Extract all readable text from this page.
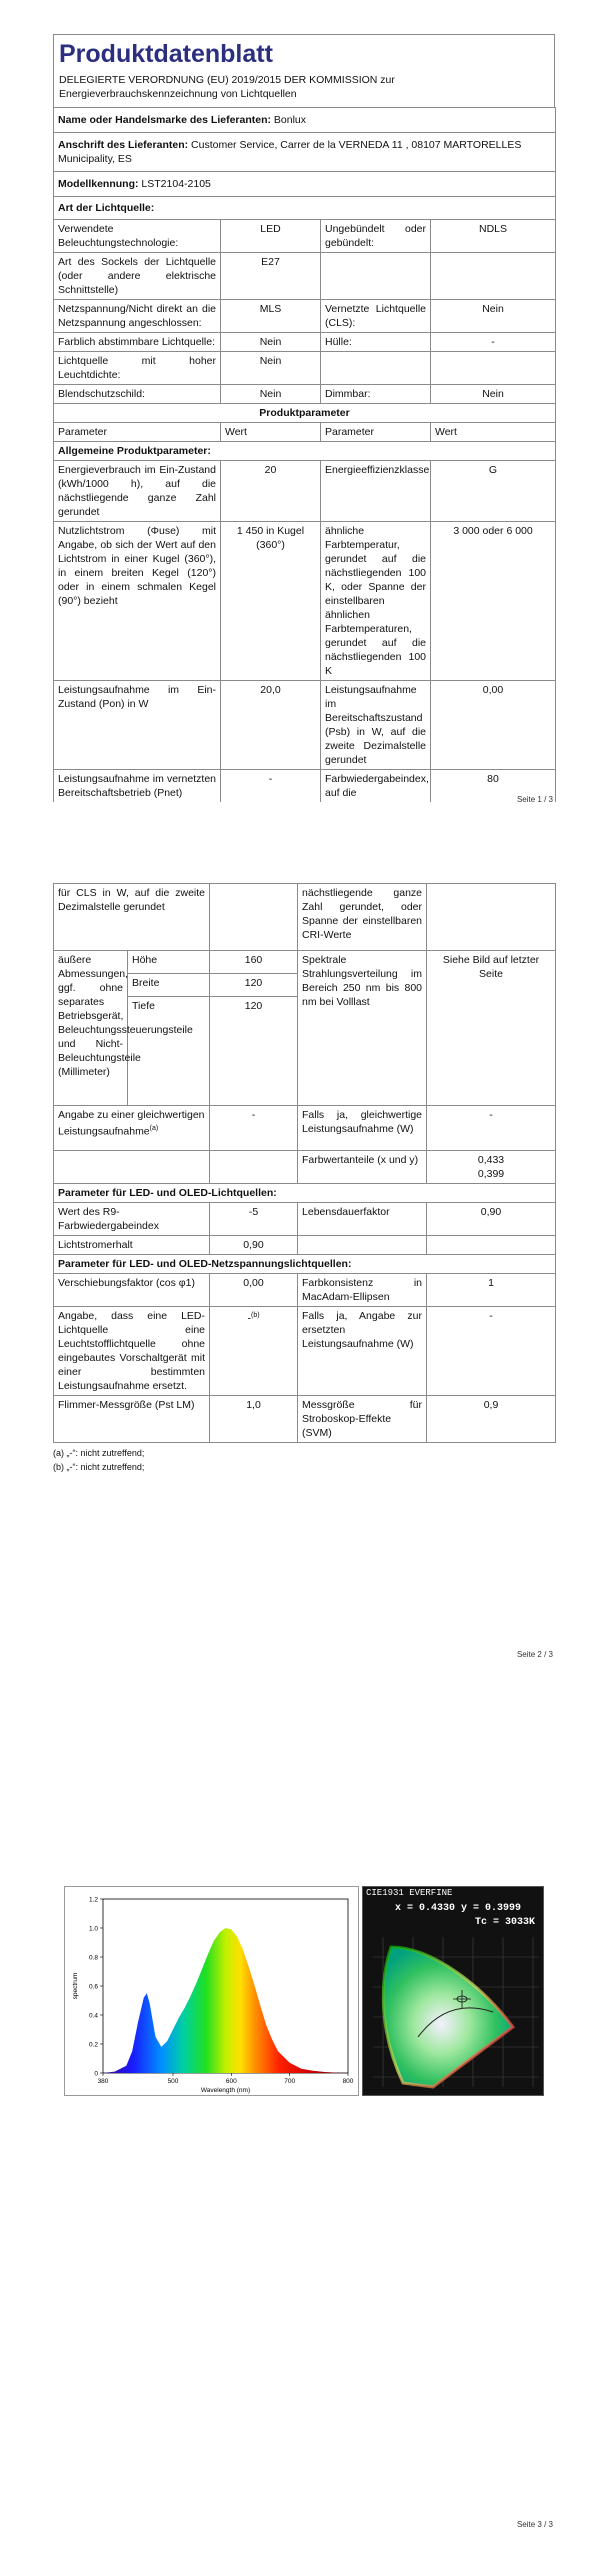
Produktdatenblatt
DELEGIERTE VERORDNUNG (EU) 2019/2015 DER KOMMISSION zur Energieverbrauchskennzeichnung von Lichtquellen
Name oder Handelsmarke des Lieferanten: Bonlux			
Anschrift des Lieferanten: Customer Service, Carrer de la VERNEDA 11 , 08107 MARTORELLES Municipality, ES			
Modellkennung: LST2104-2105			
Art der Lichtquelle:			
Verwendete Beleuchtungstechnologie:	LED	Ungebündelt oder gebündelt:	NDLS
Art des Sockels der Lichtquelle (oder andere elektrische Schnittstelle)	E27		
Netzspannung/Nicht direkt an die Netzspannung angeschlossen:	MLS	Vernetzte Lichtquelle (CLS):	Nein
Farblich abstimmbare Lichtquelle:	Nein	Hülle:	-
Lichtquelle mit hoher Leuchtdichte:	Nein		
Blendschutzschild:	Nein	Dimmbar:	Nein
Produktparameter			
Parameter	Wert	Parameter	Wert
Allgemeine Produktparameter:			
Energieverbrauch im Ein-Zustand (kWh/1000 h), auf die nächstliegende ganze Zahl gerundet	20	Energieeffizienzklasse	G
Nutzlichtstrom (Φuse) mit Angabe, ob sich der Wert auf den Lichtstrom in einer Kugel (360°), in einem breiten Kegel (120°) oder in einem schmalen Kegel (90°) bezieht	1 450 in Kugel (360°)	ähnliche Farbtemperatur, gerundet auf die nächstliegenden 100 K, oder Spanne der einstellbaren ähnlichen Farbtemperaturen, gerundet auf die nächstliegenden 100 K	3 000 oder 6 000
Leistungsaufnahme im Ein-Zustand (Pon) in W	20,0	Leistungsaufnahme im Bereitschaftszustand (Psb) in W, auf die zweite Dezimalstelle gerundet	0,00
Leistungsaufnahme im vernetzten Bereitschaftsbetrieb (Pnet)	-	Farbwiedergabeindex, auf die	80
Seite 1 / 3
für CLS in W, auf die zweite Dezimalstelle gerundet			nächstliegende ganze Zahl gerundet, oder Spanne der einstellbaren CRI-Werte	
äußere Abmessungen, ggf. ohne separates Betriebsgerät, Beleuchtungssteuerungsteile und Nicht-Beleuchtungsteile (Millimeter)	Höhe	160	Spektrale Strahlungsverteilung im Bereich 250 nm bis 800 nm bei Volllast	Siehe Bild auf letzter Seite
	Breite	120		
	Tiefe	120		
Angabe zu einer gleichwertigen Leistungsaufnahme$^{(a)}$		-	Falls ja, gleichwertige Leistungsaufnahme (W)	-
			Farbwertanteile (x und y)	0,433
0,399

Parameter für LED- und OLED-Lichtquellen:				
Wert des R9-Farbwiedergabeindex		-5	Lebensdauerfaktor	0,90
Lichtstromerhalt		0,90		
Parameter für LED- und OLED-Netzspannungslichtquellen:				
Verschiebungsfaktor (cos φ1)		0,00	Farbkonsistenz in MacAdam-Ellipsen	1
Angabe, dass eine LED-Lichtquelle eine Leuchtstofflichtquelle ohne eingebautes Vorschaltgerät mit einer bestimmten Leistungsaufnahme ersetzt.		-$^{(b)}$	Falls ja, Angabe zur ersetzten Leistungsaufnahme (W)	-
Flimmer-Messgröße (Pst LM)		1,0	Messgröße für Stroboskop-Effekte (SVM)	0,9
(a) „-“: nicht zutreffend;
(b) „-“: nicht zutreffend;
Seite 2 / 3
0
0.2
0.4
0.6
0.8
1.0
1.2
380	500	600	700	800
Wavelength (nm)
spectrum
CIE1931 EVERFINE
x = 0.4330 y = 0.3999
Tc = 3033K
Seite 3 / 3
